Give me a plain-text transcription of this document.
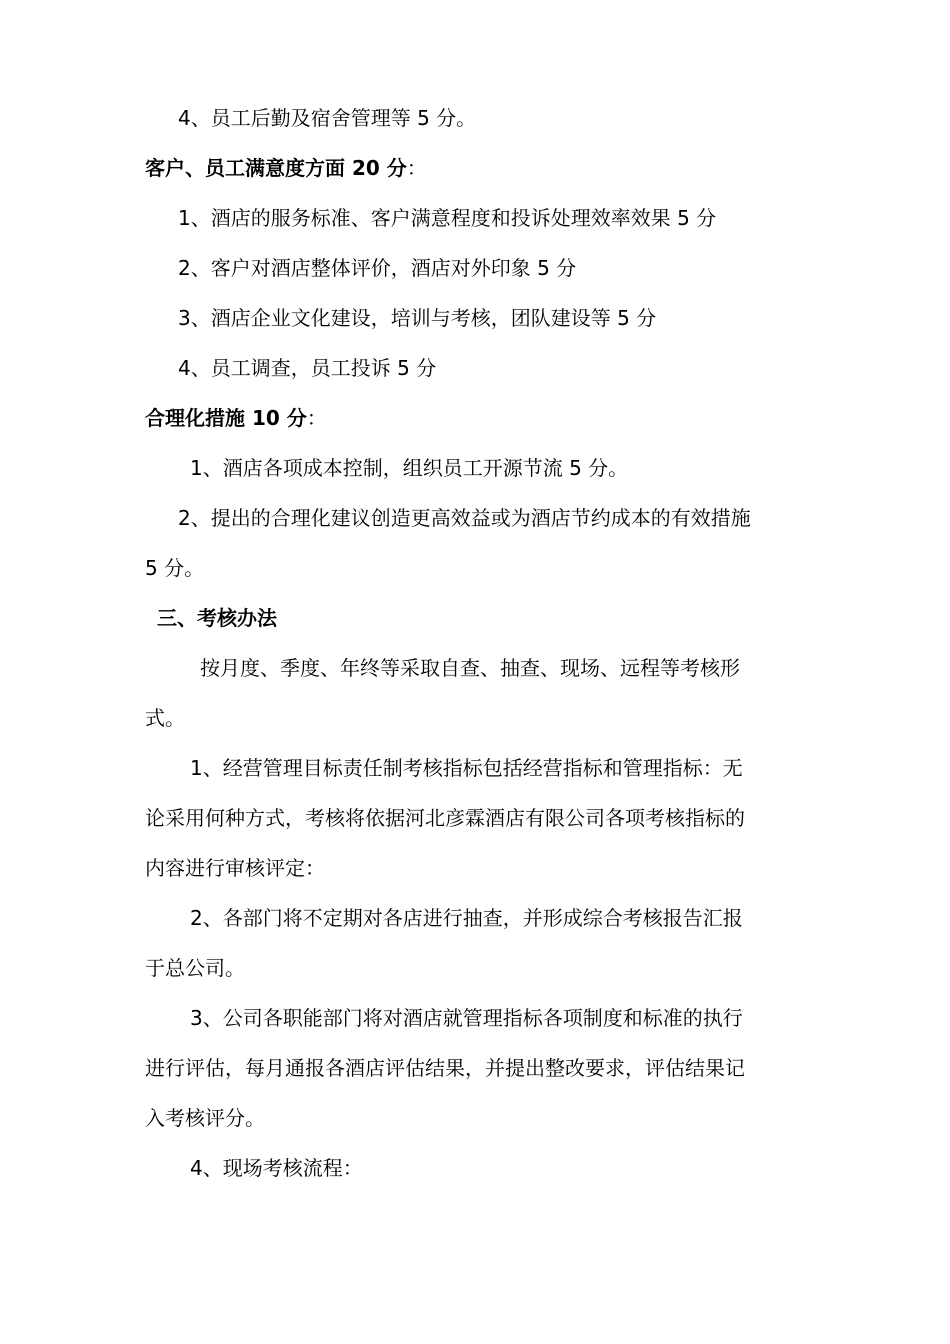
4、员工后勤及宿舍管理等 5 分。

客户、员工满意度方面 20 分：

1、酒店的服务标准、客户满意程度和投诉处理效率效果 5 分

2、客户对酒店整体评价，酒店对外印象 5 分

3、酒店企业文化建设，培训与考核，团队建设等 5 分

4、员工调查，员工投诉 5 分

合理化措施 10 分：

1、酒店各项成本控制，组织员工开源节流 5 分。

2、提出的合理化建议创造更高效益或为酒店节约成本的有效措施

5 分。

三、考核办法

按月度、季度、年终等采取自查、抽查、现场、远程等考核形

式。

1、经营管理目标责任制考核指标包括经营指标和管理指标：无

论采用何种方式，考核将依据河北彦霖酒店有限公司各项考核指标的

内容进行审核评定：

2、各部门将不定期对各店进行抽查，并形成综合考核报告汇报

于总公司。

3、公司各职能部门将对酒店就管理指标各项制度和标准的执行

进行评估，每月通报各酒店评估结果，并提出整改要求，评估结果记

入考核评分。

4、现场考核流程：
